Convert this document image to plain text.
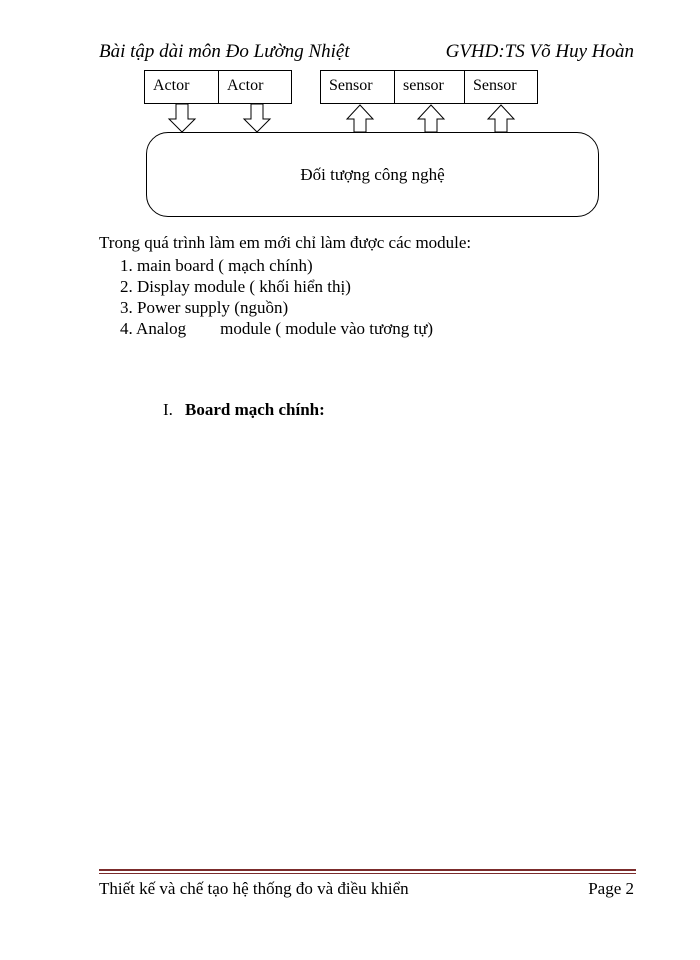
Bài tập dài môn Đo Lường Nhiệt	GVHD:TS Võ Huy Hoàn
Actor	Actor	Sensor	sensor	Sensor
Đối tượng công nghệ
Trong quá trình làm em mới chỉ làm được các module:
1. main board ( mạch chính)
2. Display module ( khối hiển thị)
3. Power supply (nguồn)
4. Analog        module ( module vào tương tự)
I. Board mạch chính:
Thiết kế và chế tạo hệ thống đo và điều khiển	Page 2
